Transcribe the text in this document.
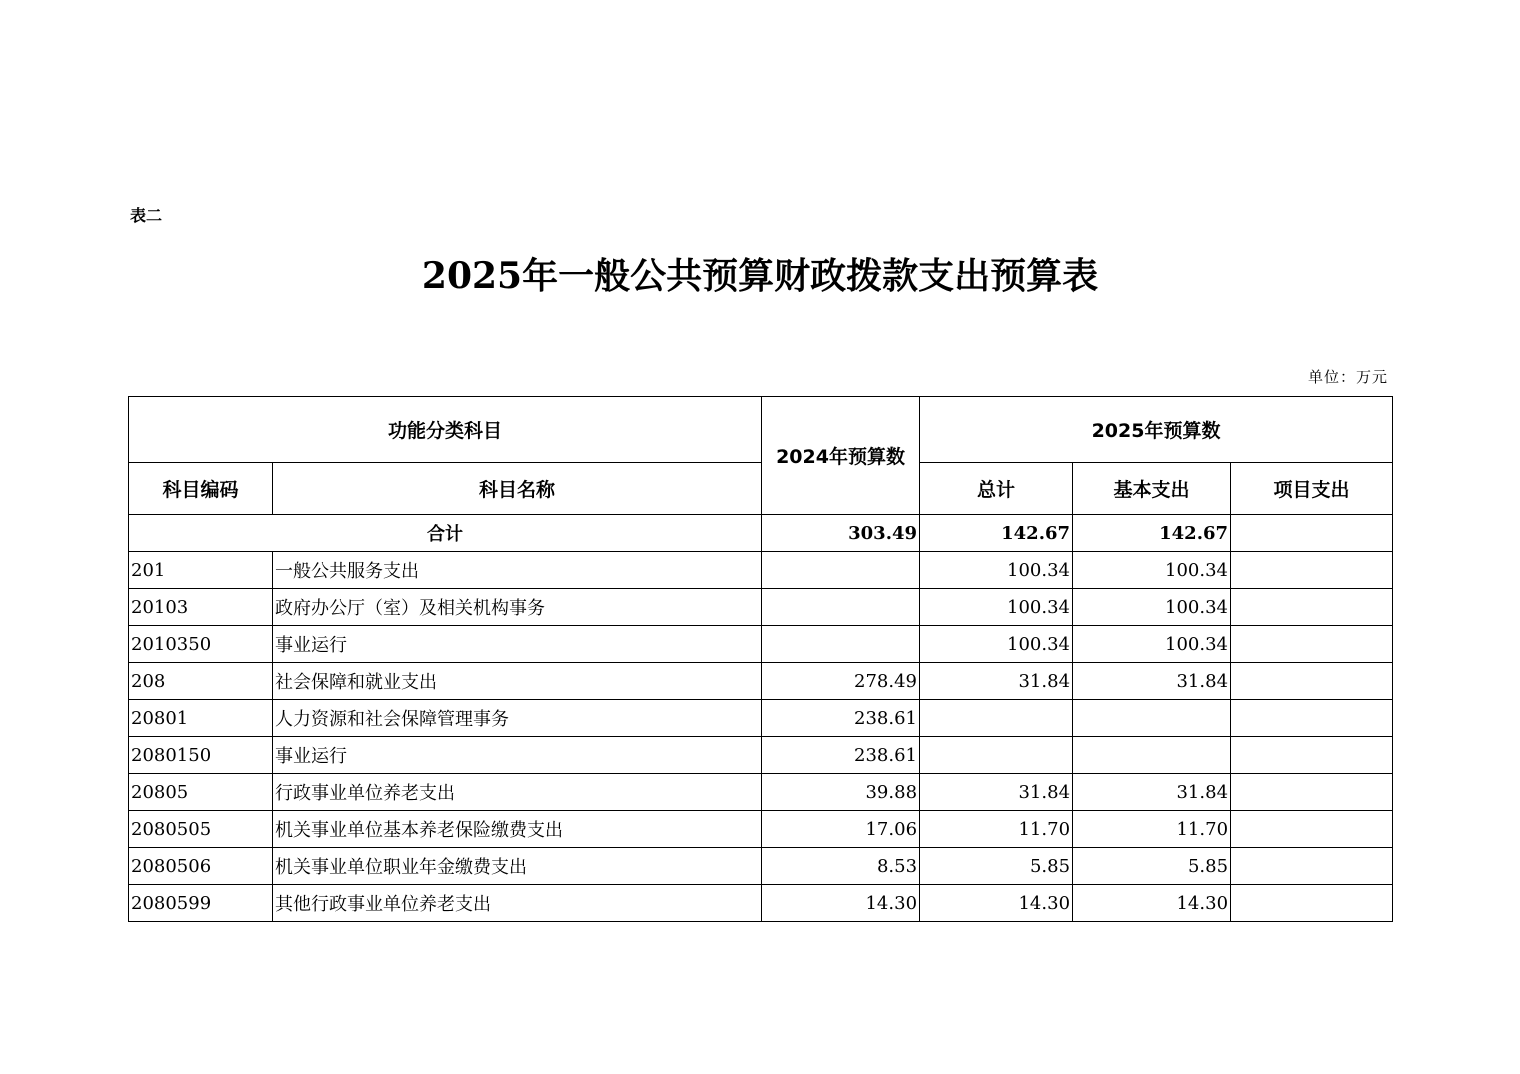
表二
2025年一般公共预算财政拨款支出预算表
单位：万元
功能分类科目		2024年预算数	2025年预算数		
科目编码	科目名称		总计	基本支出	项目支出
合计		303.49	142.67	142.67	
201	一般公共服务支出		100.34	100.34	
20103	政府办公厅（室）及相关机构事务		100.34	100.34	
2010350	事业运行		100.34	100.34	
208	社会保障和就业支出	278.49	31.84	31.84	
20801	人力资源和社会保障管理事务	238.61			
2080150	事业运行	238.61			
20805	行政事业单位养老支出	39.88	31.84	31.84	
2080505	机关事业单位基本养老保险缴费支出	17.06	11.70	11.70	
2080506	机关事业单位职业年金缴费支出	8.53	5.85	5.85	
2080599	其他行政事业单位养老支出	14.30	14.30	14.30	
